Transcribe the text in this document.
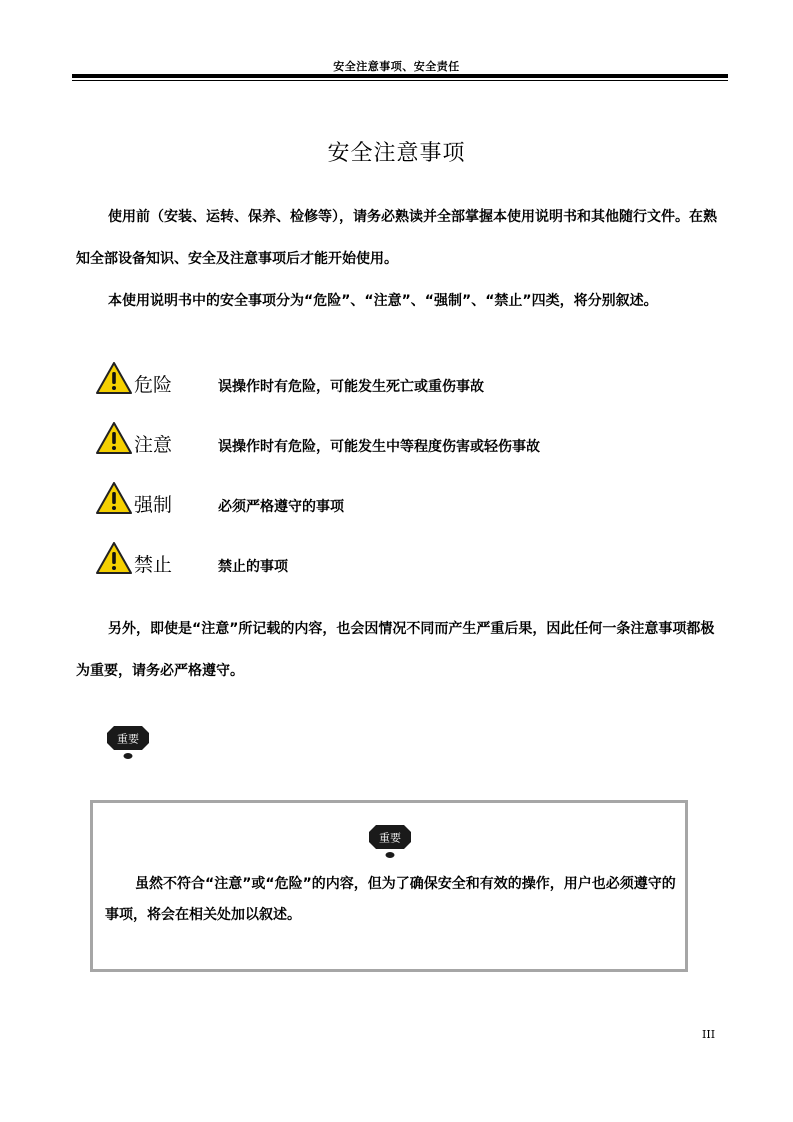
安全注意事项、安全责任
安全注意事项
使用前（安装、运转、保养、检修等），请务必熟读并全部掌握本使用说明书和其他随行文件。在熟知全部设备知识、安全及注意事项后才能开始使用。
本使用说明书中的安全事项分为“危险”、“注意”、“强制”、“禁止”四类，将分别叙述。
危险	误操作时有危险，可能发生死亡或重伤事故
注意	误操作时有危险，可能发生中等程度伤害或轻伤事故
强制	必须严格遵守的事项
禁止	禁止的事项
另外，即使是“注意”所记载的内容，也会因情况不同而产生严重后果，因此任何一条注意事项都极为重要，请务必严格遵守。
重要
重要
虽然不符合“注意”或“危险”的内容，但为了确保安全和有效的操作，用户也必须遵守的事项，将会在相关处加以叙述。
III
